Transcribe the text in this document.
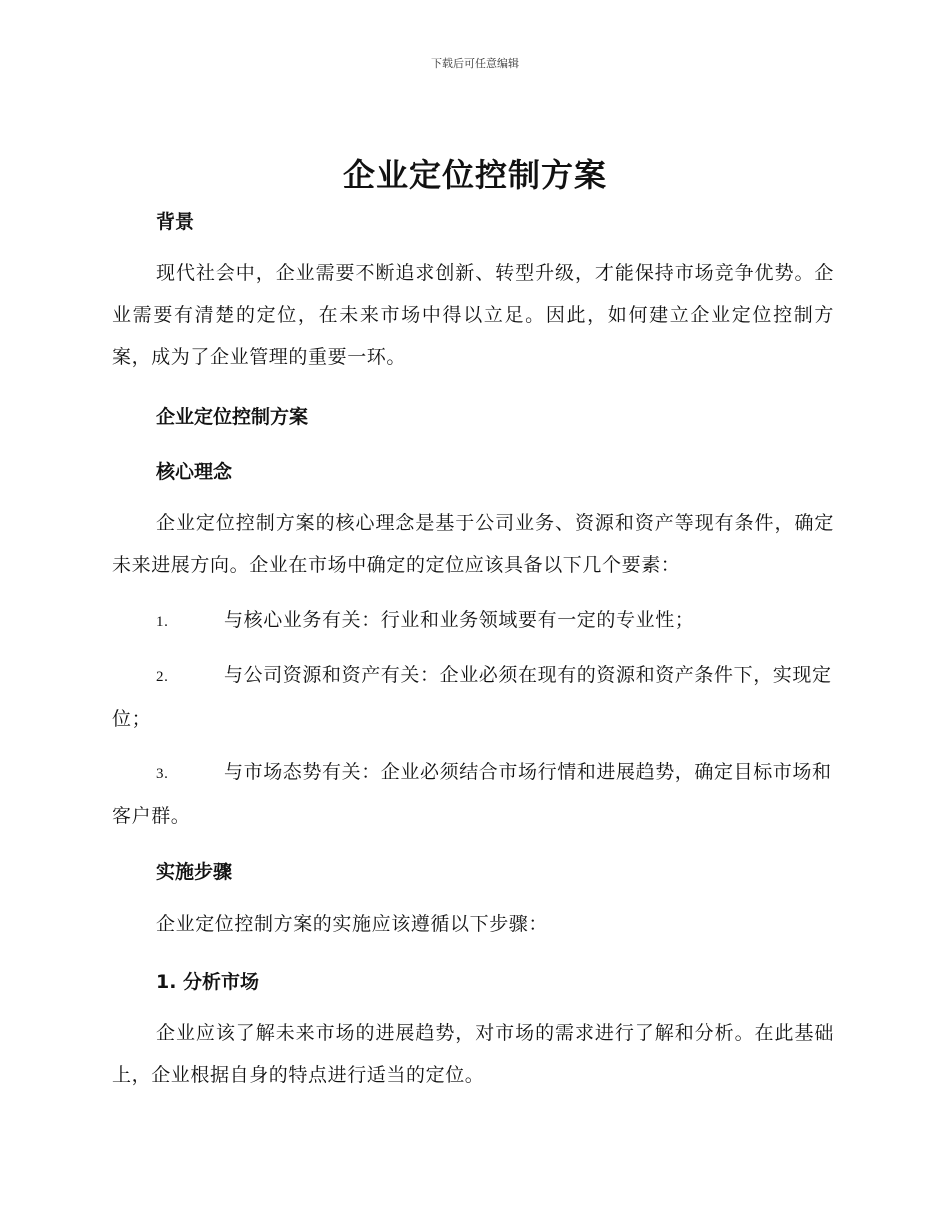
下载后可任意编辑
企业定位控制方案
背景
现代社会中，企业需要不断追求创新、转型升级，才能保持市场竞争优势。企业需要有清楚的定位，在未来市场中得以立足。因此，如何建立企业定位控制方案，成为了企业管理的重要一环。
企业定位控制方案
核心理念
企业定位控制方案的核心理念是基于公司业务、资源和资产等现有条件，确定未来进展方向。企业在市场中确定的定位应该具备以下几个要素：
1.	与核心业务有关：行业和业务领域要有一定的专业性；
2.	与公司资源和资产有关：企业必须在现有的资源和资产条件下，实现定位；
3.	与市场态势有关：企业必须结合市场行情和进展趋势，确定目标市场和客户群。
实施步骤
企业定位控制方案的实施应该遵循以下步骤：
1. 分析市场
企业应该了解未来市场的进展趋势，对市场的需求进行了解和分析。在此基础上，企业根据自身的特点进行适当的定位。
